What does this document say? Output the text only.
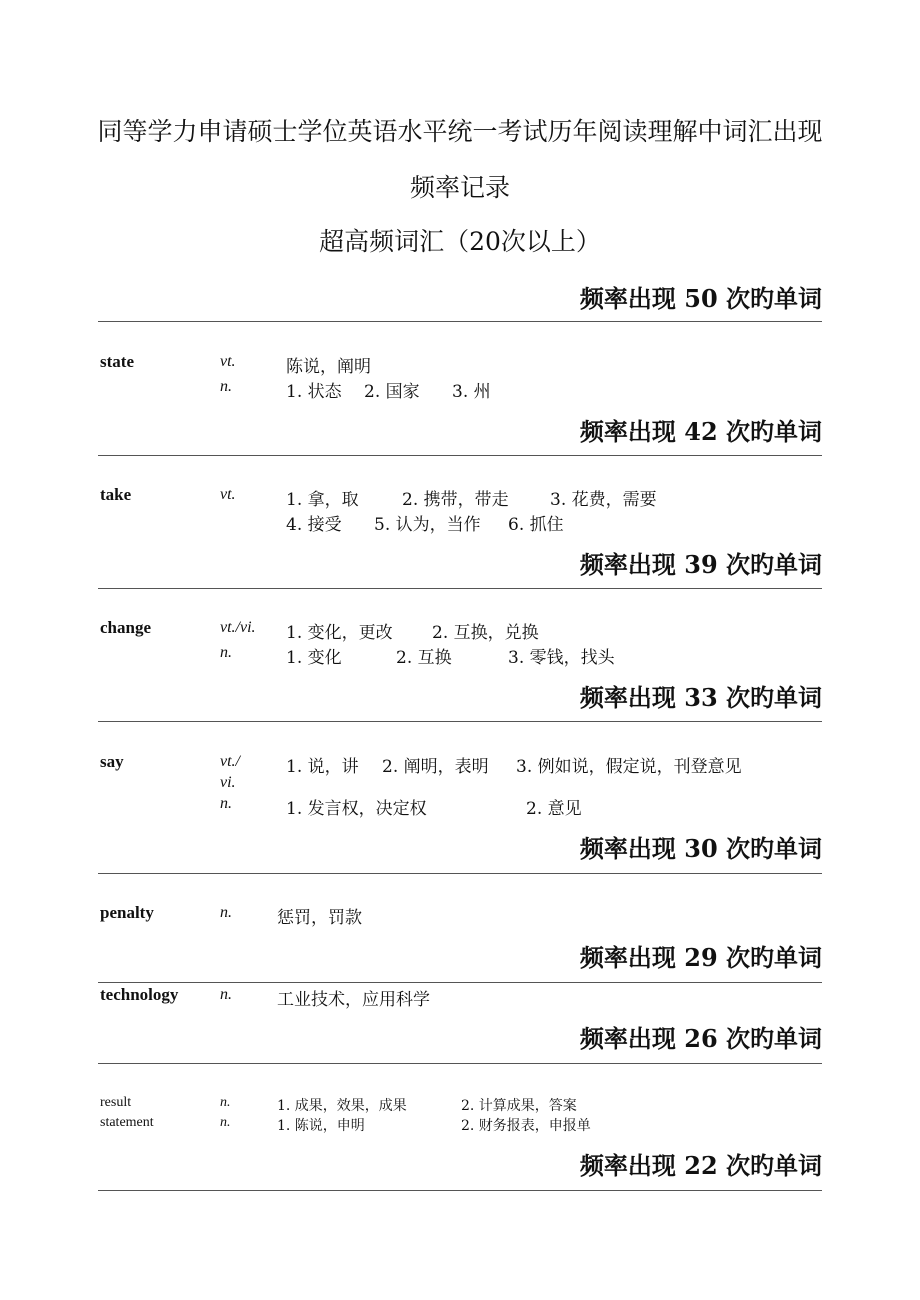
同等学力申请硕士学位英语水平统一考试历年阅读理解中词汇出现
频率记录
超高频词汇（20次以上）
频率出现 50 次旳单词
state	vt.	陈说，阐明
n.	1. 状态 2. 国家 3. 州
频率出现 42 次旳单词
take	vt.	1. 拿，取	2. 携带，带走 3. 花费，需要
4. 接受 5. 认为，当作 6. 抓住
频率出现 39 次旳单词
change	vt./vi. 1. 变化，更改 2. 互换，兑换
n.	1. 变化	2. 互换	3. 零钱，找头
频率出现 33 次旳单词
say	vt./	1. 说，讲 2. 阐明，表明 3. 例如说，假定说，刊登意见
vi.
n.	1. 发言权，决定权	2. 意见
频率出现 30 次旳单词
penalty	n.	惩罚，罚款
频率出现 29 次旳单词
technology	n.	工业技术，应用科学
频率出现 26 次旳单词
result	n.	1. 成果，效果，成果	2. 计算成果，答案
statement	n.	1. 陈说，申明	2. 财务报表，申报单
频率出现 22 次旳单词
